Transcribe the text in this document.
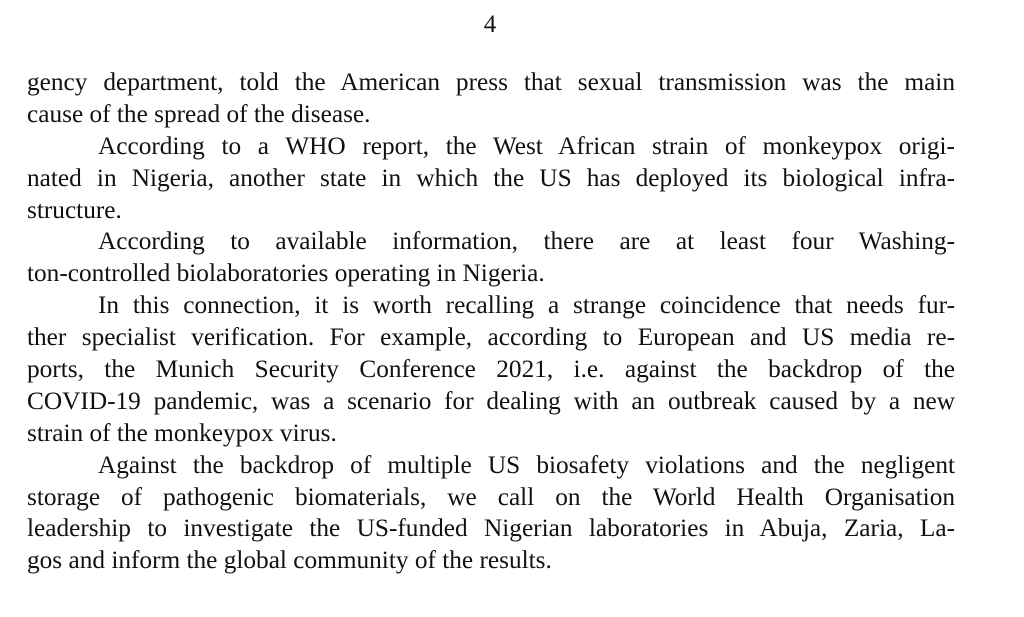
4
gency department, told the American press that sexual transmission was the main
cause of the spread of the disease.
According to a WHO report, the West African strain of monkeypox origi-
nated in Nigeria, another state in which the US has deployed its biological infra-
structure.
According to available information, there are at least four Washing-
ton-controlled biolaboratories operating in Nigeria.
In this connection, it is worth recalling a strange coincidence that needs fur-
ther specialist verification. For example, according to European and US media re-
ports, the Munich Security Conference 2021, i.e. against the backdrop of the
COVID-19 pandemic, was a scenario for dealing with an outbreak caused by a new
strain of the monkeypox virus.
Against the backdrop of multiple US biosafety violations and the negligent
storage of pathogenic biomaterials, we call on the World Health Organisation
leadership to investigate the US-funded Nigerian laboratories in Abuja, Zaria, La-
gos and inform the global community of the results.
